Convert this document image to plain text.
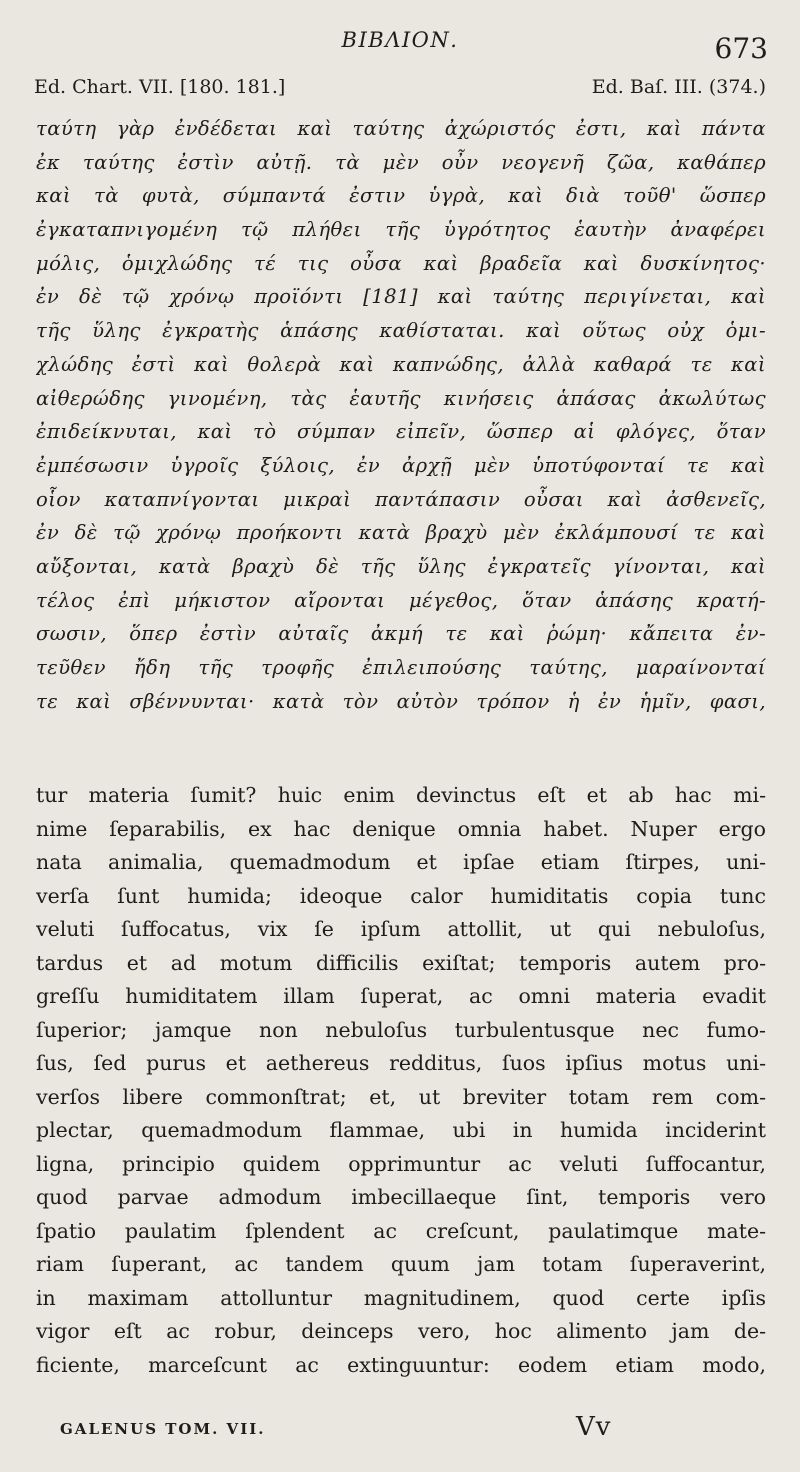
BIBΛΙΟΝ.	673
Ed. Chart. VII. [180. 181.]	Ed. Baſ. III. (374.)
ταύτη γὰρ ἐνδέδεται καὶ ταύτης ἀχώριστός ἐστι, καὶ πάντα
ἐκ ταύτης ἐστὶν αὐτῇ. τὰ μὲν οὖν νεογενῆ ζῶα, καθάπερ
καὶ τὰ φυτὰ, σύμπαντά ἐστιν ὑγρὰ, καὶ διὰ τοῦθ' ὥσπερ
ἐγκαταπνιγομένη τῷ πλήθει τῆς ὑγρότητος ἑαυτὴν ἀναφέρει
μόλις, ὁμιχλώδης τέ τις οὖσα καὶ βραδεῖα καὶ δυσκίνητος·
ἐν δὲ τῷ χρόνῳ προϊόντι [181] καὶ ταύτης περιγίνεται, καὶ
τῆς ὕλης ἐγκρατὴς ἁπάσης καθίσταται. καὶ οὕτως οὐχ ὁμι-
χλώδης ἐστὶ καὶ θολερὰ καὶ καπνώδης, ἀλλὰ καθαρά τε καὶ
αἰθερώδης γινομένη, τὰς ἑαυτῆς κινήσεις ἁπάσας ἀκωλύτως
ἐπιδείκνυται, καὶ τὸ σύμπαν εἰπεῖν, ὥσπερ αἱ φλόγες, ὅταν
ἐμπέσωσιν ὑγροῖς ξύλοις, ἐν ἀρχῇ μὲν ὑποτύφονταί τε καὶ
οἷον καταπνίγονται μικραὶ παντάπασιν οὖσαι καὶ ἀσθενεῖς,
ἐν δὲ τῷ χρόνῳ προήκοντι κατὰ βραχὺ μὲν ἐκλάμπουσί τε καὶ
αὔξονται, κατὰ βραχὺ δὲ τῆς ὕλης ἐγκρατεῖς γίνονται, καὶ
τέλος ἐπὶ μήκιστον αἴρονται μέγεθος, ὅταν ἁπάσης κρατή-
σωσιν, ὅπερ ἐστὶν αὐταῖς ἀκμή τε καὶ ῥώμη· κἄπειτα ἐν-
τεῦθεν ἤδη τῆς τροφῆς ἐπιλειπούσης ταύτης, μαραίνονταί
τε καὶ σβέννυνται· κατὰ τὸν αὐτὸν τρόπον ἡ ἐν ἡμῖν, φασι,
tur materia ſumit? huic enim devinctus eſt et ab hac mi-
nime ſeparabilis, ex hac denique omnia habet. Nuper ergo
nata animalia, quemadmodum et ipſae etiam ſtirpes, uni-
verſa ſunt humida; ideoque calor humiditatis copia tunc
veluti ſuffocatus, vix ſe ipſum attollit, ut qui nebuloſus,
tardus et ad motum difficilis exiſtat; temporis autem pro-
greſſu humiditatem illam ſuperat, ac omni materia evadit
ſuperior; jamque non nebuloſus turbulentusque nec fumo-
ſus, ſed purus et aethereus redditus, ſuos ipſius motus uni-
verſos libere commonſtrat; et, ut breviter totam rem com-
plectar, quemadmodum flammae, ubi in humida inciderint
ligna, principio quidem opprimuntur ac veluti ſuffocantur,
quod parvae admodum imbecillaeque ſint, temporis vero
ſpatio paulatim ſplendent ac creſcunt, paulatimque mate-
riam ſuperant, ac tandem quum jam totam ſuperaverint,
in maximam attolluntur magnitudinem, quod certe ipſis
vigor eſt ac robur, deinceps vero, hoc alimento jam de-
ficiente, marceſcunt ac extinguuntur: eodem etiam modo,
GALENUS TOM. VII.	Vv
